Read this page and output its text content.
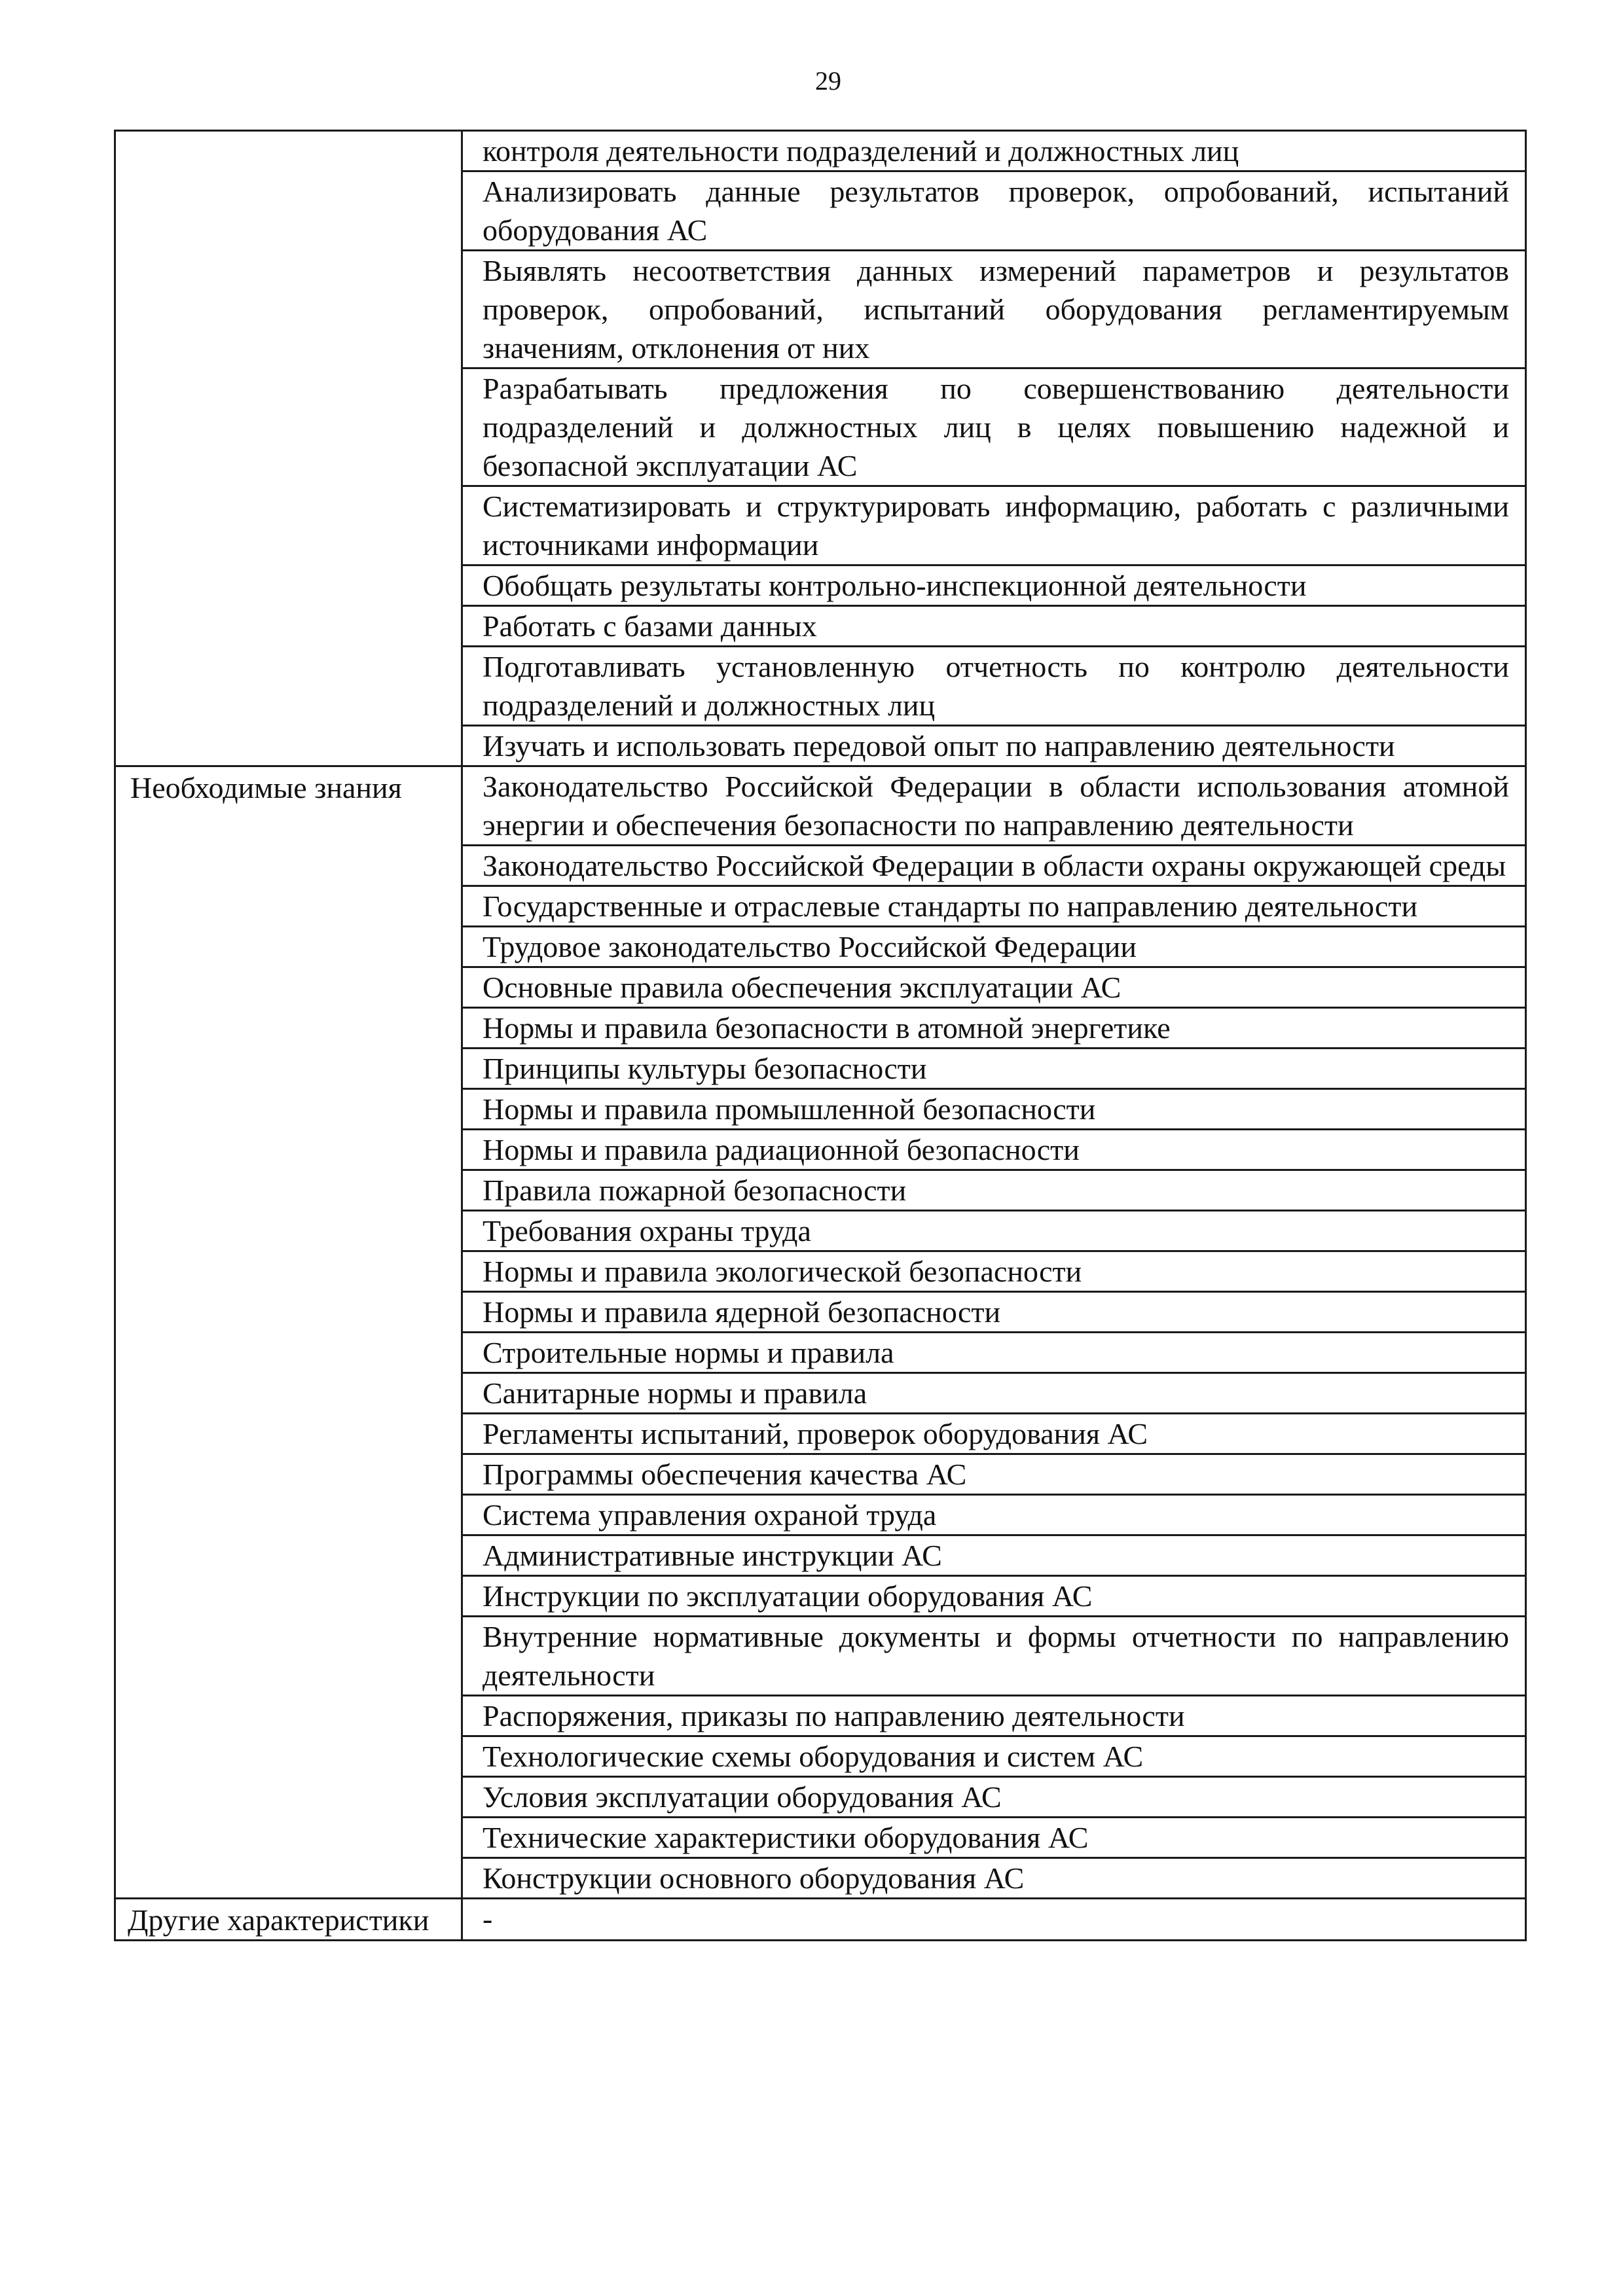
29
	контроля деятельности подразделений и должностных лиц
	Анализировать данные результатов проверок, опробований, испытаний оборудования АС
	Выявлять несоответствия данных измерений параметров и результатов проверок, опробований, испытаний оборудования регламентируемым значениям, отклонения от них
	Разрабатывать предложения по совершенствованию деятельности подразделений и должностных лиц в целях повышению надежной и безопасной эксплуатации АС
	Систематизировать и структурировать информацию, работать с различными источниками информации
	Обобщать результаты контрольно-инспекционной деятельности
	Работать с базами данных
	Подготавливать установленную отчетность по контролю деятельности подразделений и должностных лиц
	Изучать и использовать передовой опыт по направлению деятельности
Необходимые знания	Законодательство Российской Федерации в области использования атомной энергии и обеспечения безопасности по направлению деятельности
	Законодательство Российской Федерации в области охраны окружающей среды
	Государственные и отраслевые стандарты по направлению деятельности
	Трудовое законодательство Российской Федерации
	Основные правила обеспечения эксплуатации АС
	Нормы и правила безопасности в атомной энергетике
	Принципы культуры безопасности
	Нормы и правила промышленной безопасности
	Нормы и правила радиационной безопасности
	Правила пожарной безопасности
	Требования охраны труда
	Нормы и правила экологической безопасности
	Нормы и правила ядерной безопасности
	Строительные нормы и правила
	Санитарные нормы и правила
	Регламенты испытаний, проверок оборудования АС
	Программы обеспечения качества АС
	Система управления охраной труда
	Административные инструкции АС
	Инструкции по эксплуатации оборудования АС
	Внутренние нормативные документы и формы отчетности по направлению деятельности
	Распоряжения, приказы по направлению деятельности
	Технологические схемы оборудования и систем АС
	Условия эксплуатации оборудования АС
	Технические характеристики оборудования АС
	Конструкции основного оборудования АС
Другие характеристики	-
